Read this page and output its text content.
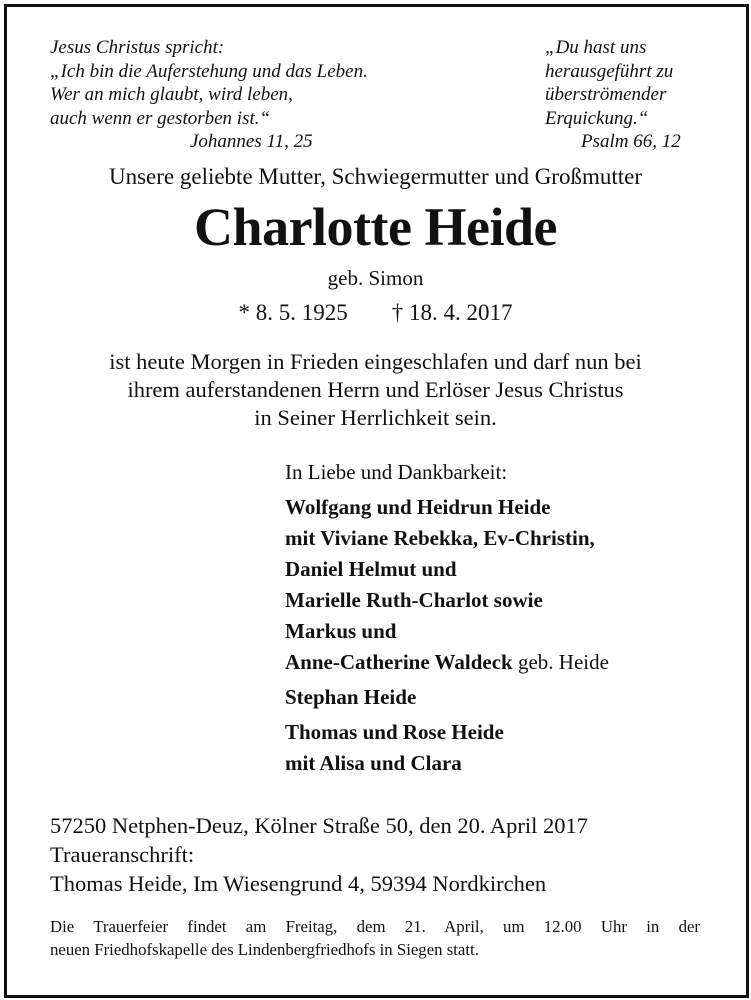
Jesus Christus spricht:
„Ich bin die Auferstehung und das Leben.
Wer an mich glaubt, wird leben,
auch wenn er gestorben ist.“
Johannes 11, 25
„Du hast uns
herausgeführt zu
überströmender
Erquickung.“
Psalm 66, 12
Unsere geliebte Mutter, Schwiegermutter und Großmutter
Charlotte Heide
geb. Simon
* 8. 5. 1925 † 18. 4. 2017
ist heute Morgen in Frieden eingeschlafen und darf nun bei
ihrem auferstandenen Herrn und Erlöser Jesus Christus
in Seiner Herrlichkeit sein.
In Liebe und Dankbarkeit:
Wolfgang und Heidrun Heide
mit Viviane Rebekka, Ev-Christin,
Daniel Helmut und
Marielle Ruth-Charlot sowie
Markus und
Anne-Catherine Waldeck geb. Heide
Stephan Heide
Thomas und Rose Heide
mit Alisa und Clara
57250 Netphen-Deuz, Kölner Straße 50, den 20. April 2017
Traueranschrift:
Thomas Heide, Im Wiesengrund 4, 59394 Nordkirchen
Die Trauerfeier findet am Freitag, dem 21. April, um 12.00 Uhr in der
neuen Friedhofskapelle des Lindenbergfriedhofs in Siegen statt.
